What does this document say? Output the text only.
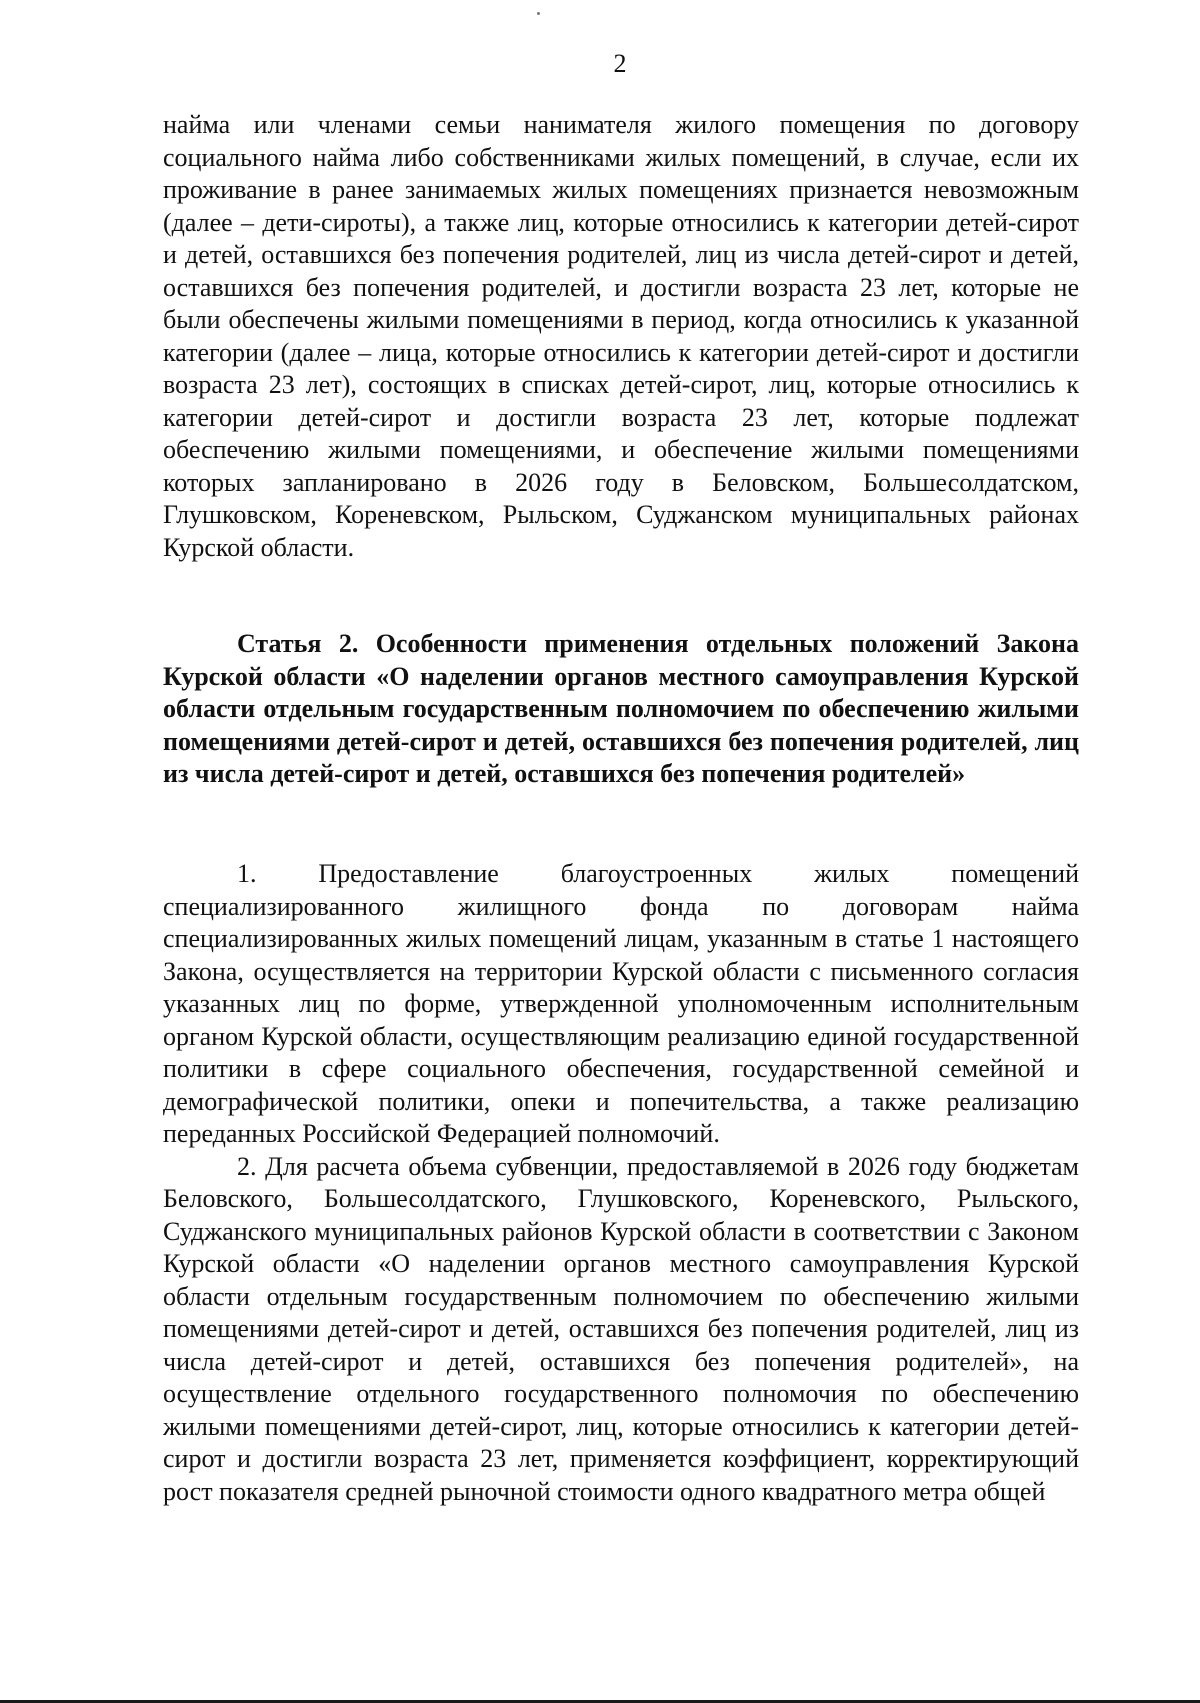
2

найма или членами семьи нанимателя жилого помещения по договору социального найма либо собственниками жилых помещений, в случае, если их проживание в ранее занимаемых жилых помещениях признается невозможным (далее – дети-сироты), а также лиц, которые относились к категории детей-сирот и детей, оставшихся без попечения родителей, лиц из числа детей-сирот и детей, оставшихся без попечения родителей, и достигли возраста 23 лет, которые не были обеспечены жилыми помещениями в период, когда относились к указанной категории (далее – лица, которые относились к категории детей-сирот и достигли возраста 23 лет), состоящих в списках детей-сирот, лиц, которые относились к категории детей-сирот и достигли возраста 23 лет, которые подлежат обеспечению жилыми помещениями, и обеспечение жилыми помещениями которых запланировано в 2026 году в Беловском, Большесолдатском, Глушковском, Кореневском, Рыльском, Суджанском муниципальных районах Курской области.

Статья 2. Особенности применения отдельных положений Закона Курской области «О наделении органов местного самоуправления Курской области отдельным государственным полномочием по обеспечению жилыми помещениями детей-сирот и детей, оставшихся без попечения родителей, лиц из числа детей-сирот и детей, оставшихся без попечения родителей»

1. Предоставление благоустроенных жилых помещений специализированного жилищного фонда по договорам найма специализированных жилых помещений лицам, указанным в статье 1 настоящего Закона, осуществляется на территории Курской области с письменного согласия указанных лиц по форме, утвержденной уполномоченным исполнительным органом Курской области, осуществляющим реализацию единой государственной политики в сфере социального обеспечения, государственной семейной и демографической политики, опеки и попечительства, а также реализацию переданных Российской Федерацией полномочий.

2. Для расчета объема субвенции, предоставляемой в 2026 году бюджетам Беловского, Большесолдатского, Глушковского, Кореневского, Рыльского, Суджанского муниципальных районов Курской области в соответствии с Законом Курской области «О наделении органов местного самоуправления Курской области отдельным государственным полномочием по обеспечению жилыми помещениями детей-сирот и детей, оставшихся без попечения родителей, лиц из числа детей-сирот и детей, оставшихся без попечения родителей», на осуществление отдельного государственного полномочия по обеспечению жилыми помещениями детей-сирот, лиц, которые относились к категории детей-сирот и достигли возраста 23 лет, применяется коэффициент, корректирующий рост показателя средней рыночной стоимости одного квадратного метра общей
